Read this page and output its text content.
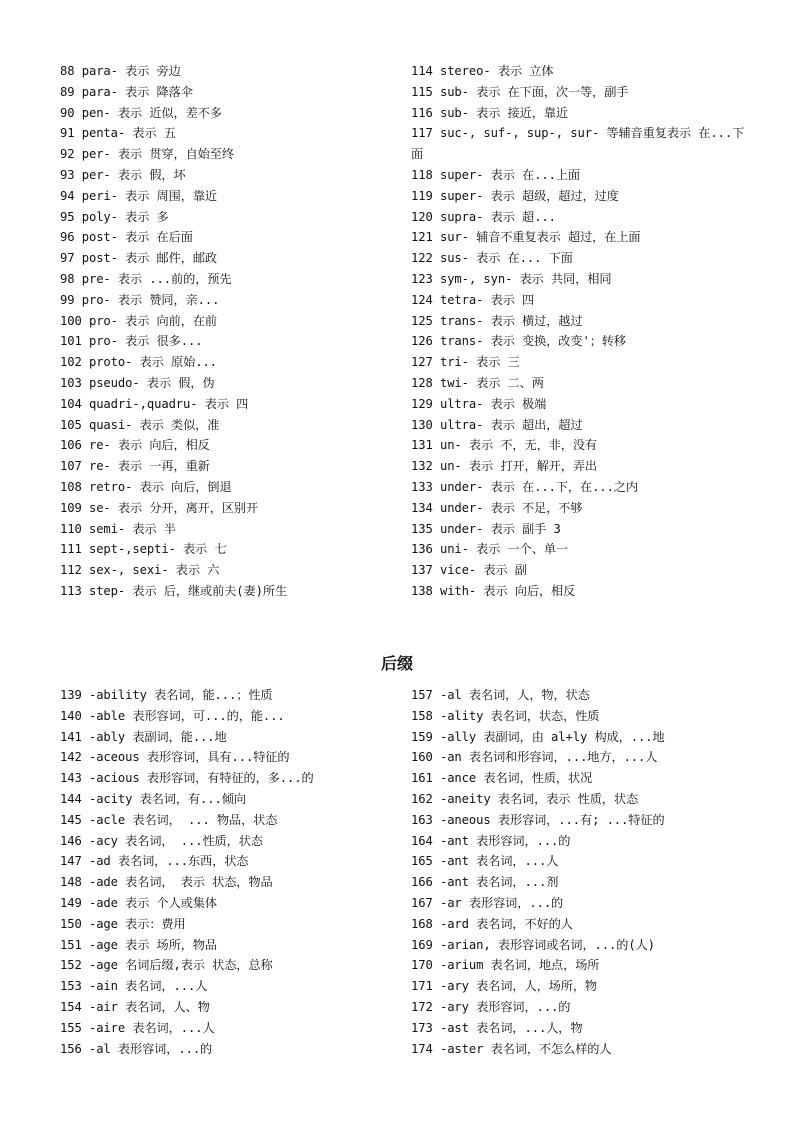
88 para- 表示 旁边
89 para- 表示 降落伞
90 pen- 表示 近似，差不多
91 penta- 表示 五
92 per- 表示 贯穿，自始至终
93 per- 表示 假，坏
94 peri- 表示 周围，靠近
95 poly- 表示 多
96 post- 表示 在后面
97 post- 表示 邮件，邮政
98 pre- 表示 ...前的，预先
99 pro- 表示 赞同，亲...
100 pro- 表示 向前，在前
101 pro- 表示 很多...
102 proto- 表示 原始...
103 pseudo- 表示 假，伪
104 quadri-,quadru- 表示 四
105 quasi- 表示 类似，准
106 re- 表示 向后，相反
107 re- 表示 一再，重新
108 retro- 表示 向后，倒退
109 se- 表示 分开，离开，区别开
110 semi- 表示 半
111 sept-,septi- 表示 七
112 sex-, sexi- 表示 六
113 step- 表示 后，继或前夫(妻)所生
114 stereo- 表示 立体
115 sub- 表示 在下面，次一等，副手
116 sub- 表示 接近，靠近
117 suc-, suf-, sup-, sur- 等辅音重复表示 在...下面
118 super- 表示 在...上面
119 super- 表示 超级，超过，过度
120 supra- 表示 超...
121 sur- 辅音不重复表示 超过，在上面
122 sus- 表示 在... 下面
123 sym-, syn- 表示 共同，相同
124 tetra- 表示 四
125 trans- 表示 横过，越过
126 trans- 表示 变换，改变'；转移
127 tri- 表示 三
128 twi- 表示 二、两
129 ultra- 表示 极端
130 ultra- 表示 超出，超过
131 un- 表示 不，无，非，没有
132 un- 表示 打开，解开，弄出
133 under- 表示 在...下，在...之内
134 under- 表示 不足，不够
135 under- 表示 副手 3
136 uni- 表示 一个、单一
137 vice- 表示 副
138 with- 表示 向后，相反
后缀
139 -ability 表名词，能...；性质
140 -able 表形容词，可...的，能...
141 -ably 表副词，能...地
142 -aceous 表形容词，具有...特征的
143 -acious 表形容词，有特征的，多...的
144 -acity 表名词，有...倾向
145 -acle 表名词， ... 物品，状态
146 -acy 表名词， ...性质，状态
147 -ad 表名词，...东西，状态
148 -ade 表名词， 表示 状态，物品
149 -ade 表示 个人或集体
150 -age 表示：费用
151 -age 表示 场所，物品
152 -age 名词后缀,表示 状态，总称
153 -ain 表名词，...人
154 -air 表名词，人、物
155 -aire 表名词，...人
156 -al 表形容词，...的
157 -al 表名词，人，物，状态
158 -ality 表名词，状态，性质
159 -ally 表副词，由 al+ly 构成，...地
160 -an 表名词和形容词，...地方，...人
161 -ance 表名词，性质，状况
162 -aneity 表名词，表示 性质，状态
163 -aneous 表形容词，...有; ...特征的
164 -ant 表形容词，...的
165 -ant 表名词，...人
166 -ant 表名词，...剂
167 -ar 表形容词，...的
168 -ard 表名词，不好的人
169 -arian, 表形容词或名词，...的(人)
170 -arium 表名词，地点，场所
171 -ary 表名词，人，场所，物
172 -ary 表形容词，...的
173 -ast 表名词，...人，物
174 -aster 表名词，不怎么样的人
